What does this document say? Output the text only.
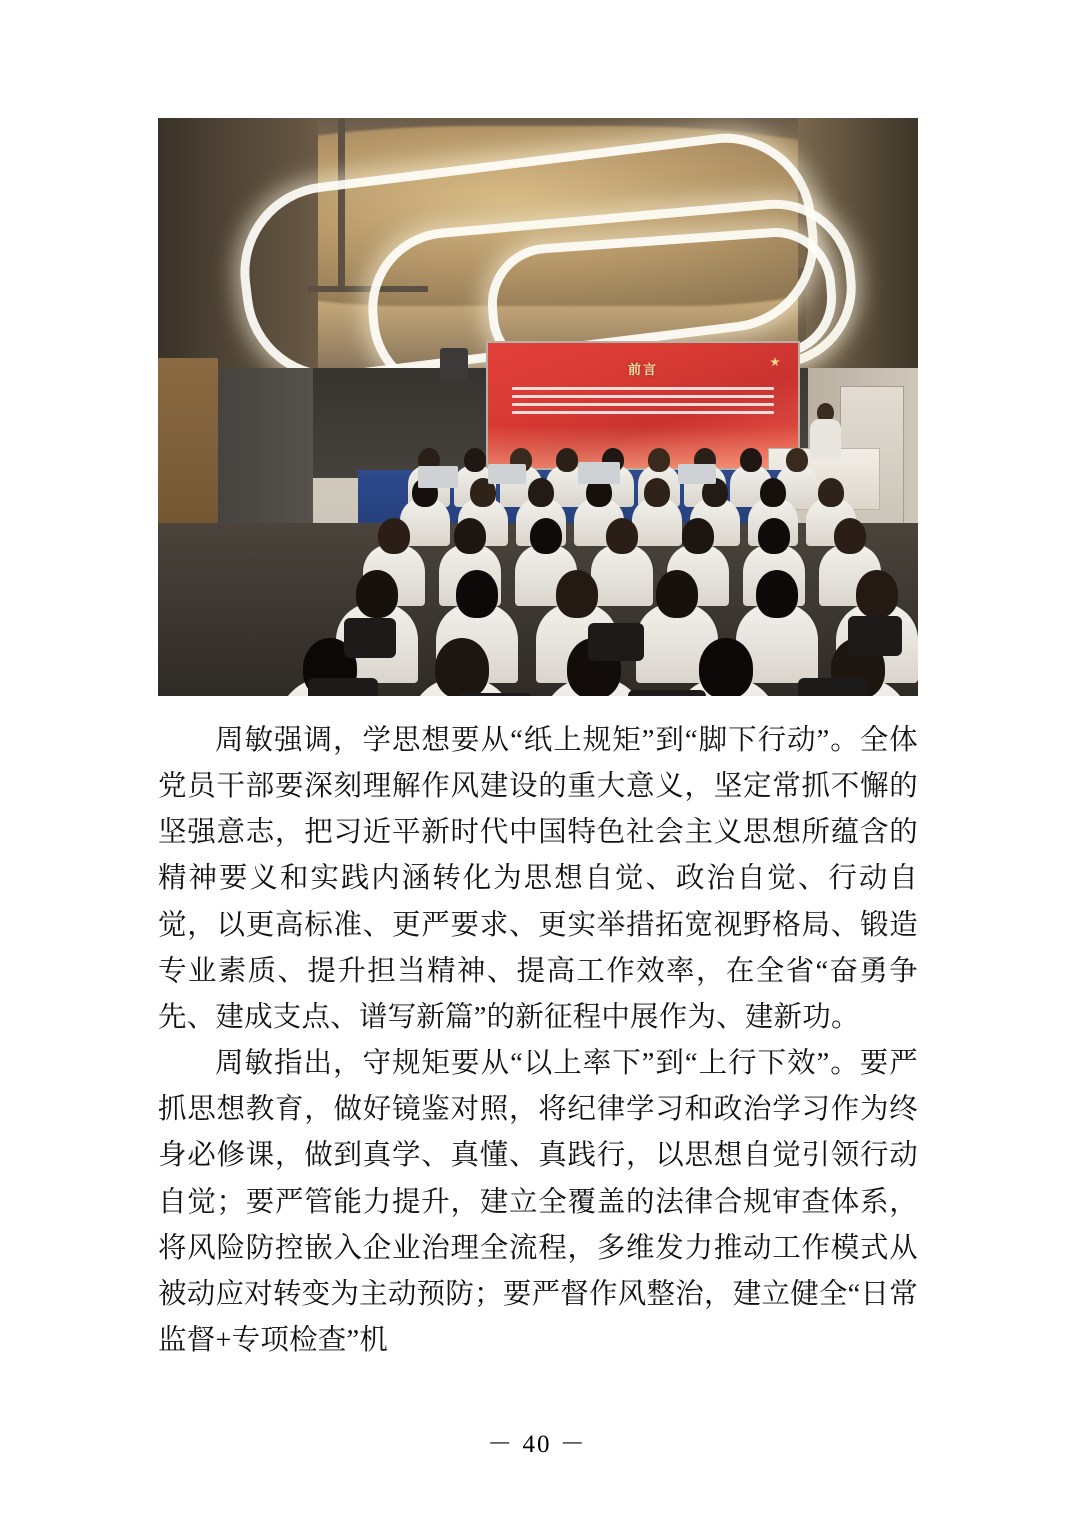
前言

周敏强调，学思想要从“纸上规矩”到“脚下行动”。全体党员干部要深刻理解作风建设的重大意义，坚定常抓不懈的坚强意志，把习近平新时代中国特色社会主义思想所蕴含的精神要义和实践内涵转化为思想自觉、政治自觉、行动自觉，以更高标准、更严要求、更实举措拓宽视野格局、锻造专业素质、提升担当精神、提高工作效率，在全省“奋勇争先、建成支点、谱写新篇”的新征程中展作为、建新功。

周敏指出，守规矩要从“以上率下”到“上行下效”。要严抓思想教育，做好镜鉴对照，将纪律学习和政治学习作为终身必修课，做到真学、真懂、真践行，以思想自觉引领行动自觉；要严管能力提升，建立全覆盖的法律合规审查体系，将风险防控嵌入企业治理全流程，多维发力推动工作模式从被动应对转变为主动预防；要严督作风整治，建立健全“日常监督+专项检查”机

－ 40 －
